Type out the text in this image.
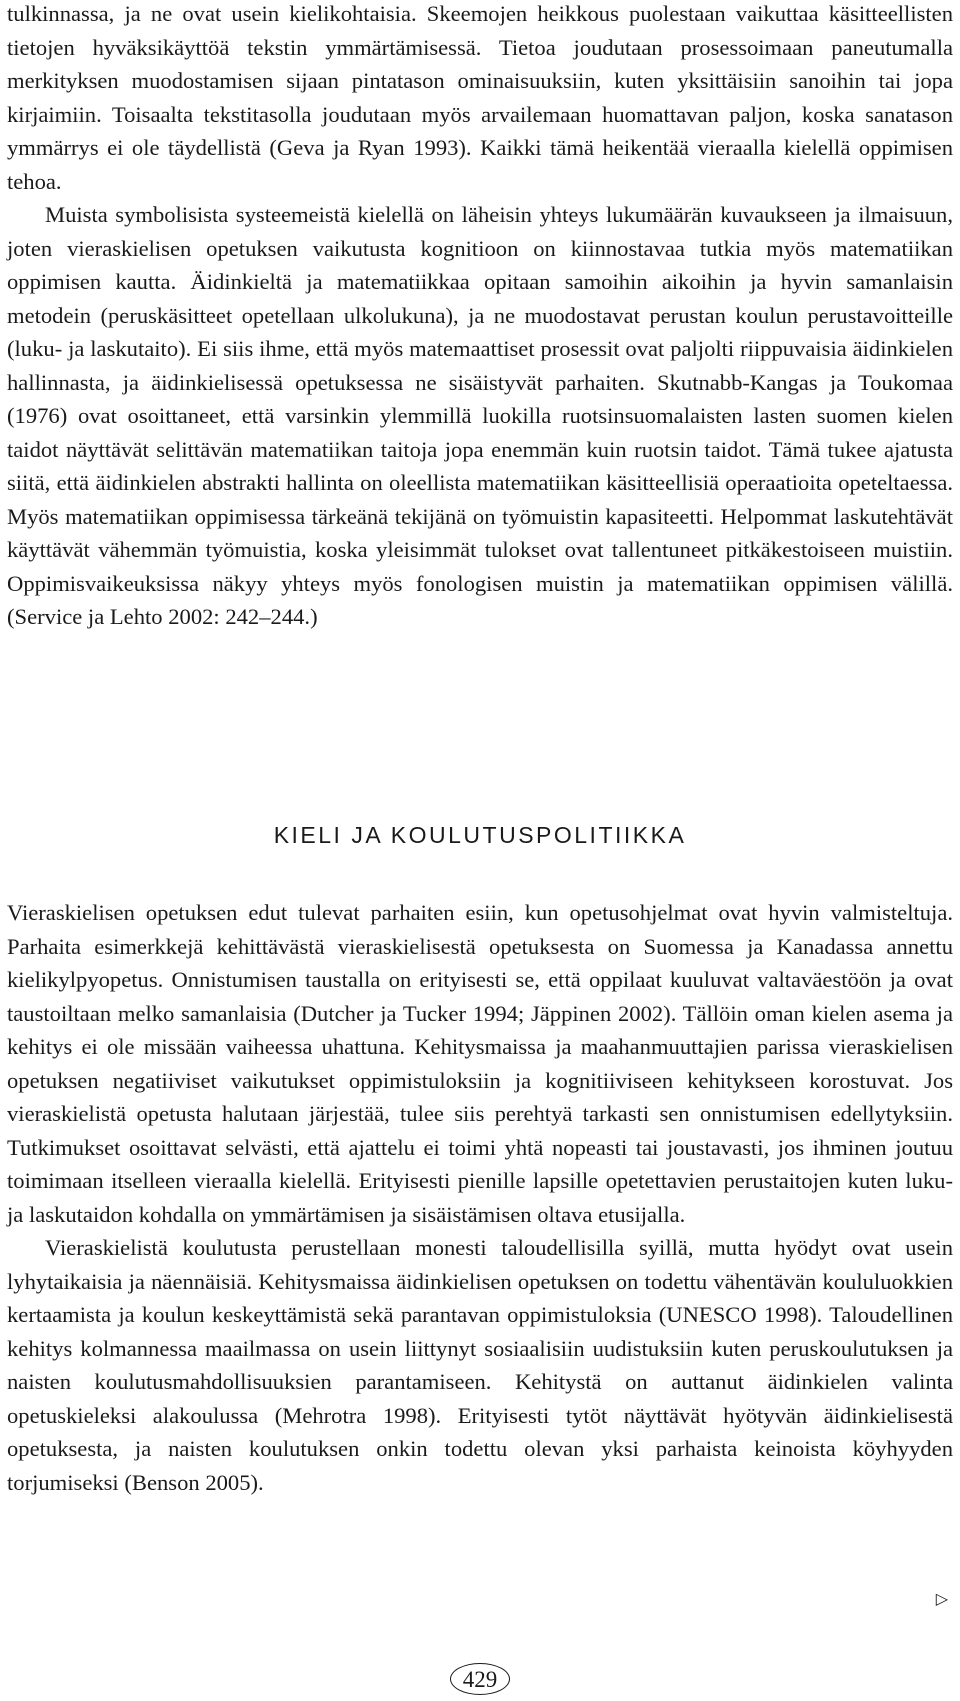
tulkinnassa, ja ne ovat usein kielikohtaisia. Skeemojen heikkous puolestaan vaikuttaa käsitteellisten tietojen hyväksikäyttöä tekstin ymmärtämisessä. Tietoa joudutaan prosessoimaan paneutumalla merkityksen muodostamisen sijaan pintatason ominaisuuksiin, kuten yksittäisiin sanoihin tai jopa kirjaimiin. Toisaalta tekstitasolla joudutaan myös arvailemaan huomattavan paljon, koska sanatason ymmärrys ei ole täydellistä (Geva ja Ryan 1993). Kaikki tämä heikentää vieraalla kielellä oppimisen tehoa.

Muista symbolisista systeemeistä kielellä on läheisin yhteys lukumäärän kuvaukseen ja ilmaisuun, joten vieraskielisen opetuksen vaikutusta kognitioon on kiinnostavaa tutkia myös matematiikan oppimisen kautta. Äidinkieltä ja matematiikkaa opitaan samoihin aikoihin ja hyvin samanlaisin metodein (peruskäsitteet opetellaan ulkolukuna), ja ne muodostavat perustan koulun perustavoitteille (luku- ja laskutaito). Ei siis ihme, että myös matemaattiset prosessit ovat paljolti riippuvaisia äidinkielen hallinnasta, ja äidinkielisessä opetuksessa ne sisäistyvät parhaiten. Skutnabb-Kangas ja Toukomaa (1976) ovat osoittaneet, että varsinkin ylemmillä luokilla ruotsinsuomalaisten lasten suomen kielen taidot näyttävät selittävän matematiikan taitoja jopa enemmän kuin ruotsin taidot. Tämä tukee ajatusta siitä, että äidinkielen abstrakti hallinta on oleellista matematiikan käsitteellisiä operaatioita opeteltaessa. Myös matematiikan oppimisessa tärkeänä tekijänä on työmuistin kapasiteetti. Helpommat laskutehtävät käyttävät vähemmän työmuistia, koska yleisimmät tulokset ovat tallentuneet pitkäkestoiseen muistiin. Oppimisvaikeuksissa näkyy yhteys myös fonologisen muistin ja matematiikan oppimisen välillä. (Service ja Lehto 2002: 242–244.)

KIELI JA KOULUTUSPOLITIIKKA

Vieraskielisen opetuksen edut tulevat parhaiten esiin, kun opetusohjelmat ovat hyvin valmisteltuja. Parhaita esimerkkejä kehittävästä vieraskielisestä opetuksesta on Suomessa ja Kanadassa annettu kielikylpyopetus. Onnistumisen taustalla on erityisesti se, että oppilaat kuuluvat valtaväestöön ja ovat taustoiltaan melko samanlaisia (Dutcher ja Tucker 1994; Jäppinen 2002). Tällöin oman kielen asema ja kehitys ei ole missään vaiheessa uhattuna. Kehitysmaissa ja maahanmuuttajien parissa vieraskielisen opetuksen negatiiviset vaikutukset oppimistuloksiin ja kognitiiviseen kehitykseen korostuvat. Jos vieraskielistä opetusta halutaan järjestää, tulee siis perehtyä tarkasti sen onnistumisen edellytyksiin. Tutkimukset osoittavat selvästi, että ajattelu ei toimi yhtä nopeasti tai joustavasti, jos ihminen joutuu toimimaan itselleen vieraalla kielellä. Erityisesti pienille lapsille opetettavien perustaitojen kuten luku- ja laskutaidon kohdalla on ymmärtämisen ja sisäistämisen oltava etusijalla.

Vieraskielistä koulutusta perustellaan monesti taloudellisilla syillä, mutta hyödyt ovat usein lyhytaikaisia ja näennäisiä. Kehitysmaissa äidinkielisen opetuksen on todettu vähentävän koululuokkien kertaamista ja koulun keskeyttämistä sekä parantavan oppimistuloksia (UNESCO 1998). Taloudellinen kehitys kolmannessa maailmassa on usein liittynyt sosiaalisiin uudistuksiin kuten peruskoulutuksen ja naisten koulutusmahdollisuuksien parantamiseen. Kehitystä on auttanut äidinkielen valinta opetuskieleksi alakoulussa (Mehrotra 1998). Erityisesti tytöt näyttävät hyötyvän äidinkielisestä opetuksesta, ja naisten koulutuksen onkin todettu olevan yksi parhaista keinoista köyhyyden torjumiseksi (Benson 2005).

▷
429
